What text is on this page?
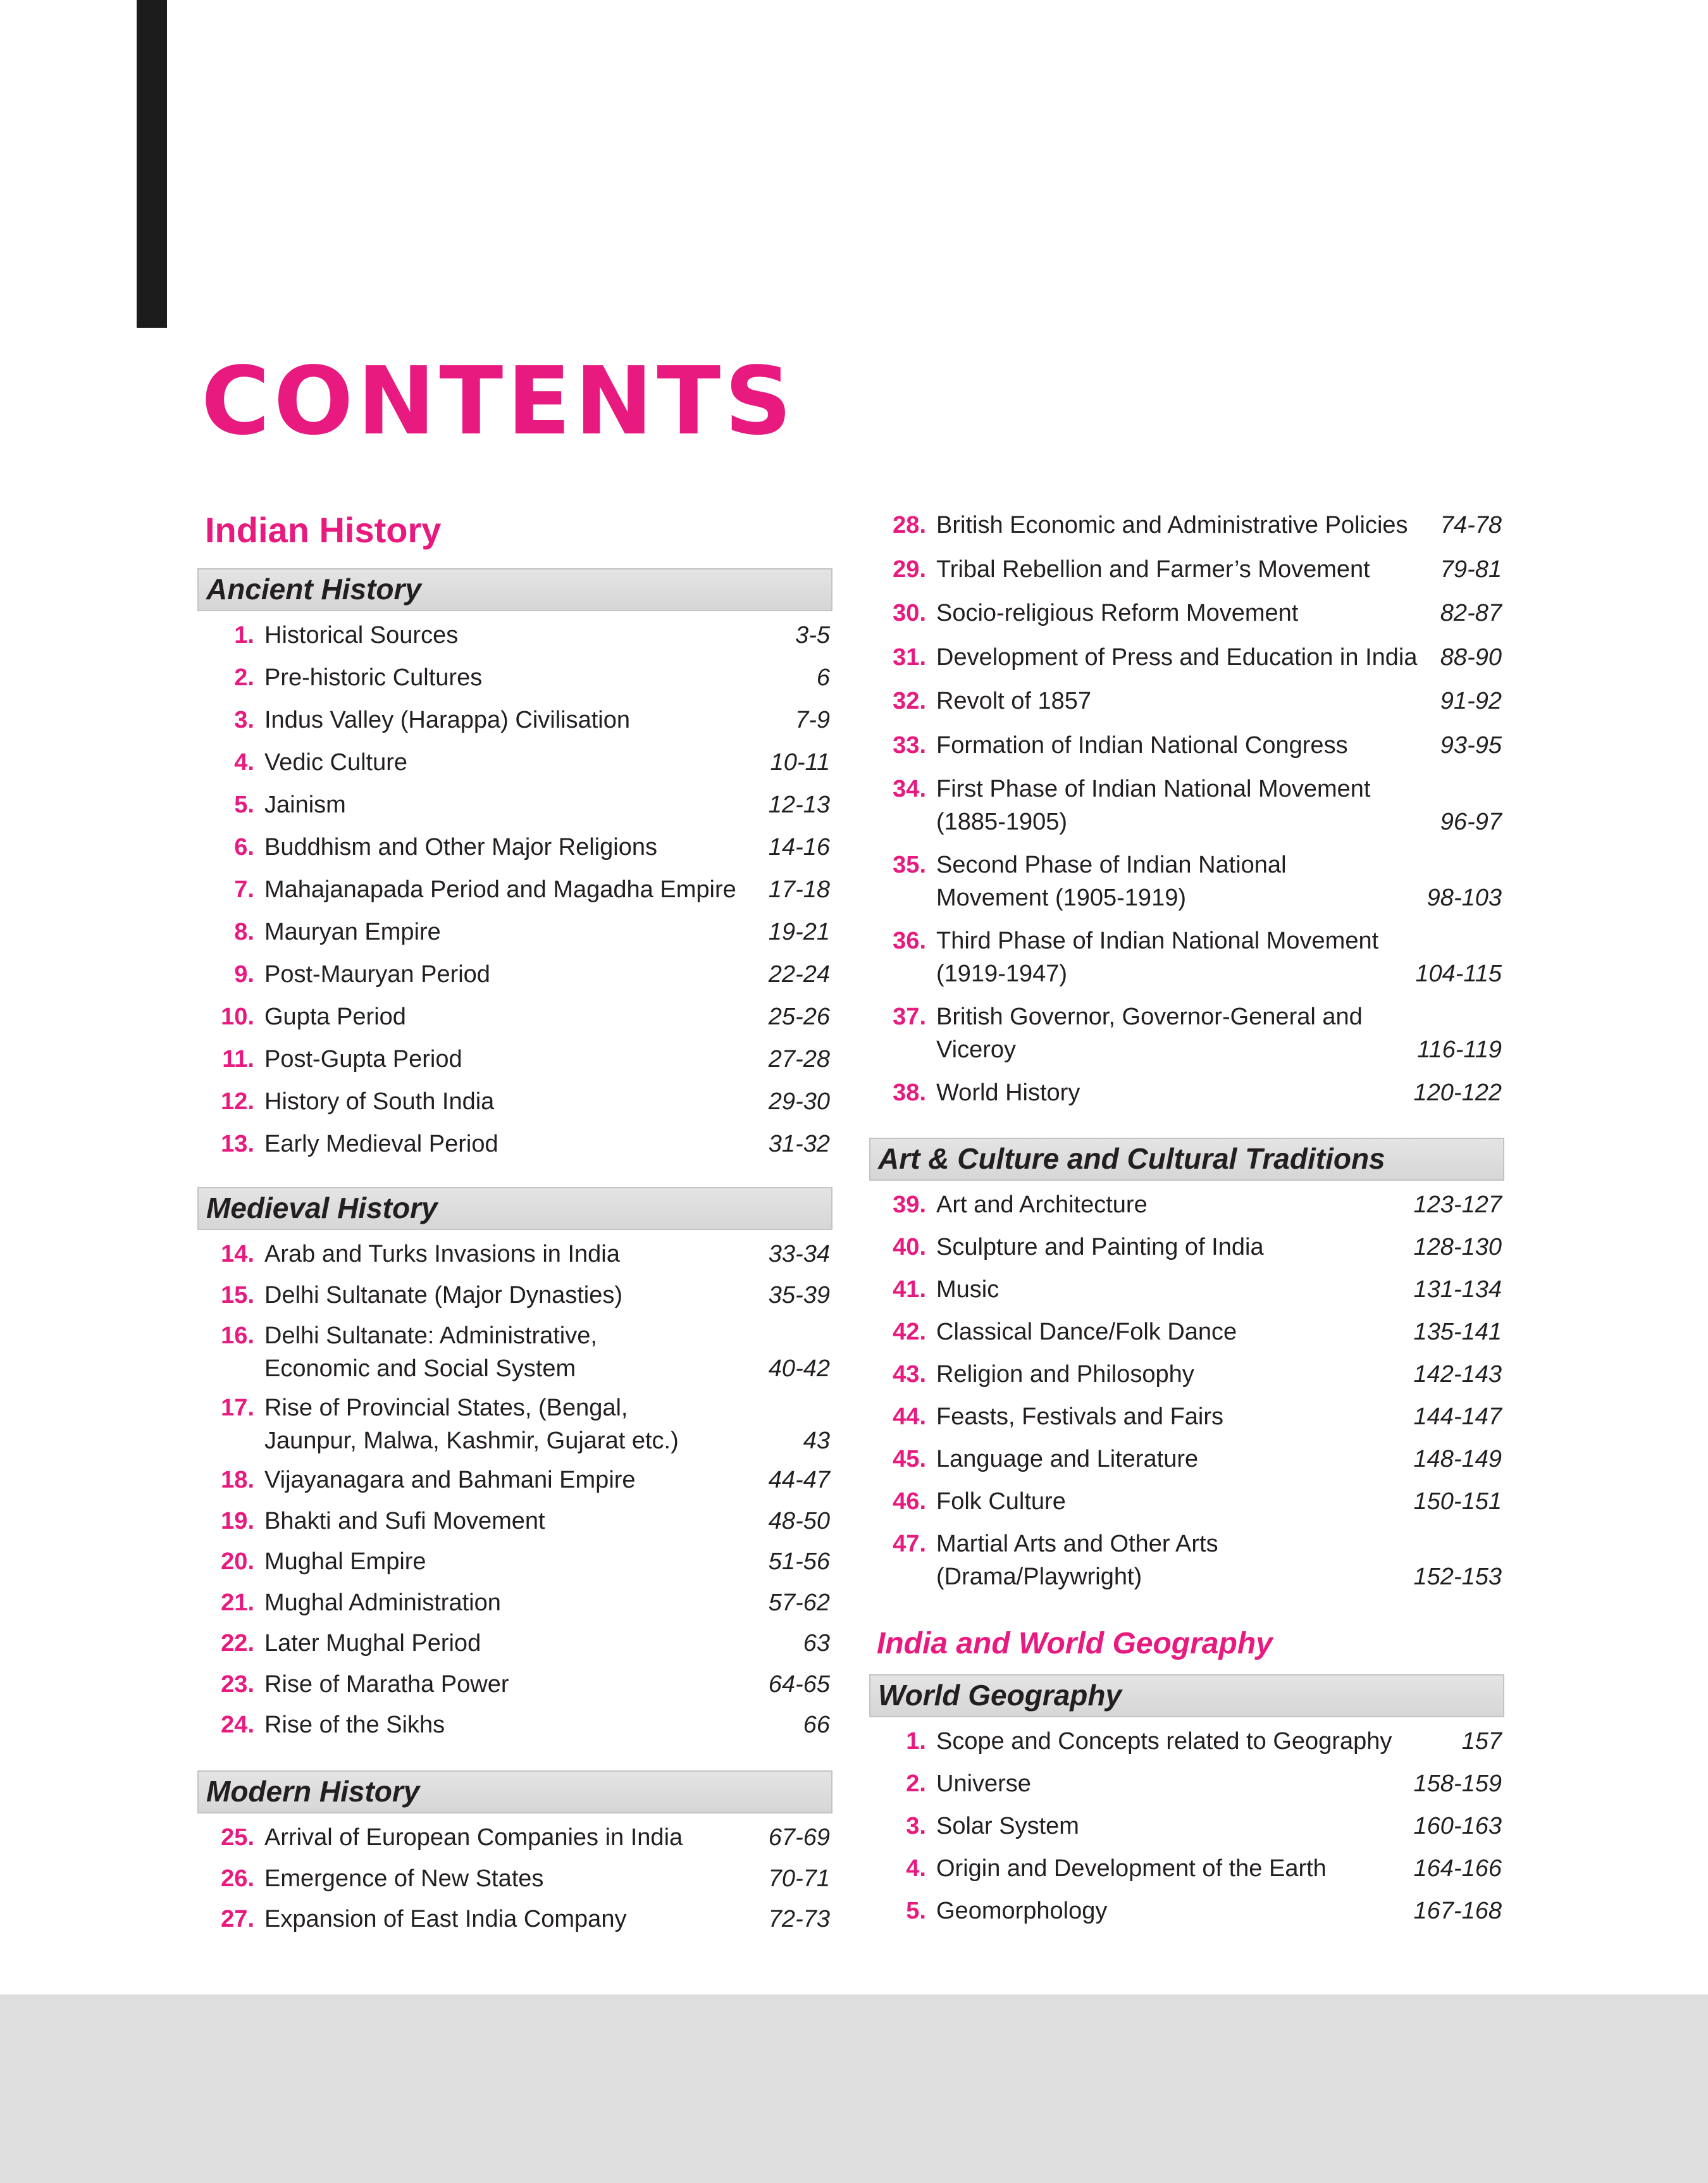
CONTENTS
Indian History
Ancient History
1. Historical Sources	3-5
2. Pre-historic Cultures	6
3. Indus Valley (Harappa) Civilisation	7-9
4. Vedic Culture	10-11
5. Jainism	12-13
6. Buddhism and Other Major Religions	14-16
7. Mahajanapada Period and Magadha Empire	17-18
8. Mauryan Empire	19-21
9. Post-Mauryan Period	22-24
10. Gupta Period	25-26
11. Post-Gupta Period	27-28
12. History of South India	29-30
13. Early Medieval Period	31-32
Medieval History
14. Arab and Turks Invasions in India	33-34
15. Delhi Sultanate (Major Dynasties)	35-39
16. Delhi Sultanate: Administrative, Economic and Social System	40-42
17. Rise of Provincial States, (Bengal, Jaunpur, Malwa, Kashmir, Gujarat etc.)	43
18. Vijayanagara and Bahmani Empire	44-47
19. Bhakti and Sufi Movement	48-50
20. Mughal Empire	51-56
21. Mughal Administration	57-62
22. Later Mughal Period	63
23. Rise of Maratha Power	64-65
24. Rise of the Sikhs	66
Modern History
25. Arrival of European Companies in India	67-69
26. Emergence of New States	70-71
27. Expansion of East India Company	72-73
28. British Economic and Administrative Policies	74-78
29. Tribal Rebellion and Farmer’s Movement	79-81
30. Socio-religious Reform Movement	82-87
31. Development of Press and Education in India 88-90
32. Revolt of 1857	91-92
33. Formation of Indian National Congress	93-95
34. First Phase of Indian National Movement (1885-1905)	96-97
35. Second Phase of Indian National Movement (1905-1919)	98-103
36. Third Phase of Indian National Movement (1919-1947)	104-115
37. British Governor, Governor-General and Viceroy	116-119
38. World History	120-122
Art & Culture and Cultural Traditions
39. Art and Architecture	123-127
40. Sculpture and Painting of India	128-130
41. Music	131-134
42. Classical Dance/Folk Dance	135-141
43. Religion and Philosophy	142-143
44. Feasts, Festivals and Fairs	144-147
45. Language and Literature	148-149
46. Folk Culture	150-151
47. Martial Arts and Other Arts (Drama/Playwright)	152-153
India and World Geography
World Geography
1. Scope and Concepts related to Geography	157
2. Universe	158-159
3. Solar System	160-163
4. Origin and Development of the Earth	164-166
5. Geomorphology	167-168
